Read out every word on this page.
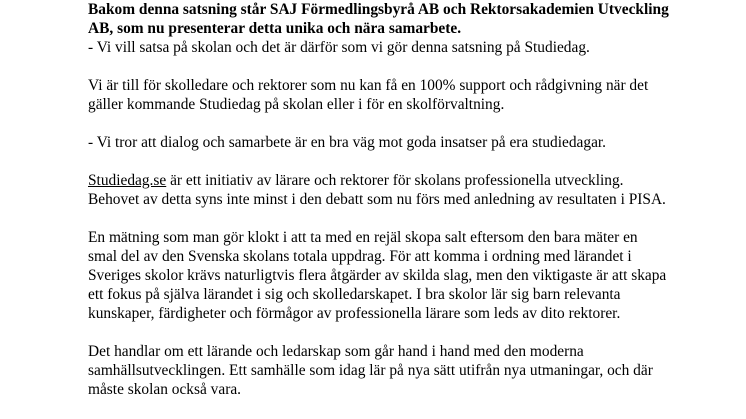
Bakom denna satsning står SAJ Förmedlingsbyrå AB och Rektorsakademien Utveckling
AB, som nu presenterar detta unika och nära samarbete.
- Vi vill satsa på skolan och det är därför som vi gör denna satsning på Studiedag.
Vi är till för skolledare och rektorer som nu kan få en 100% support och rådgivning när det
gäller kommande Studiedag på skolan eller i för en skolförvaltning.
- Vi tror att dialog och samarbete är en bra väg mot goda insatser på era studiedagar.
Studiedag.se är ett initiativ av lärare och rektorer för skolans professionella utveckling.
Behovet av detta syns inte minst i den debatt som nu förs med anledning av resultaten i PISA.
En mätning som man gör klokt i att ta med en rejäl skopa salt eftersom den bara mäter en
smal del av den Svenska skolans totala uppdrag. För att komma i ordning med lärandet i
Sveriges skolor krävs naturligtvis flera åtgärder av skilda slag, men den viktigaste är att skapa
ett fokus på själva lärandet i sig och skolledarskapet. I bra skolor lär sig barn relevanta
kunskaper, färdigheter och förmågor av professionella lärare som leds av dito rektorer.
Det handlar om ett lärande och ledarskap som går hand i hand med den moderna
samhällsutvecklingen. Ett samhälle som idag lär på nya sätt utifrån nya utmaningar, och där
måste skolan också vara.
